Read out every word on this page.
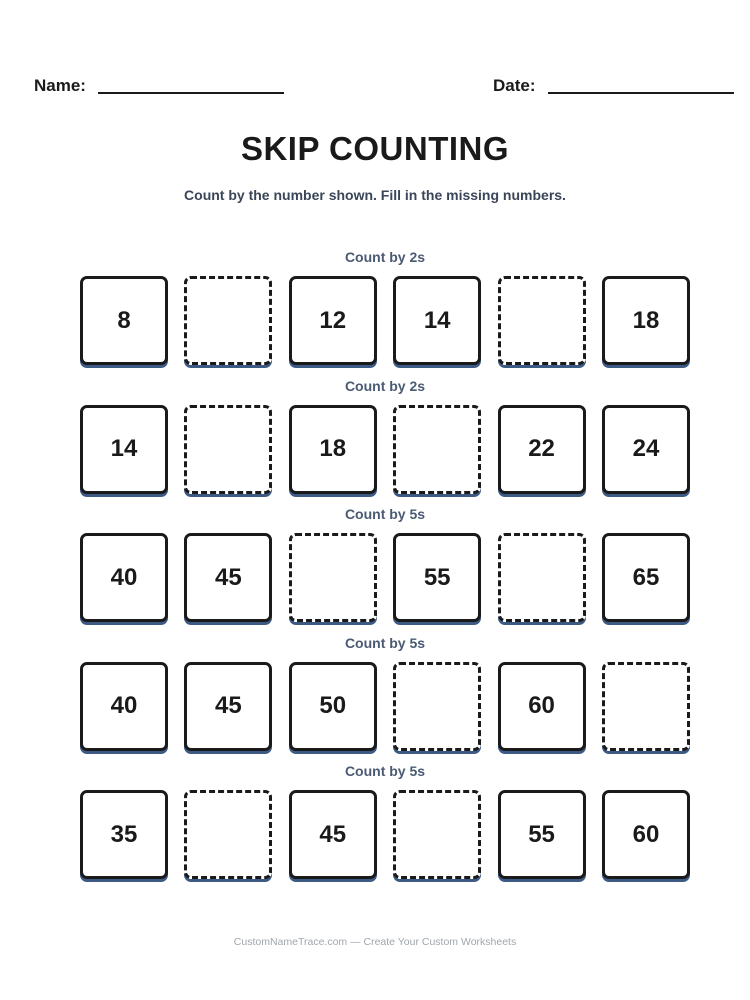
Name:	Date:
SKIP COUNTING
Count by the number shown. Fill in the missing numbers.
Count by 2s
8	12	14	18
Count by 2s
14	18	22	24
Count by 5s
40	45	55	65
Count by 5s
40	45	50	60
Count by 5s
35	45	55	60
CustomNameTrace.com — Create Your Custom Worksheets
